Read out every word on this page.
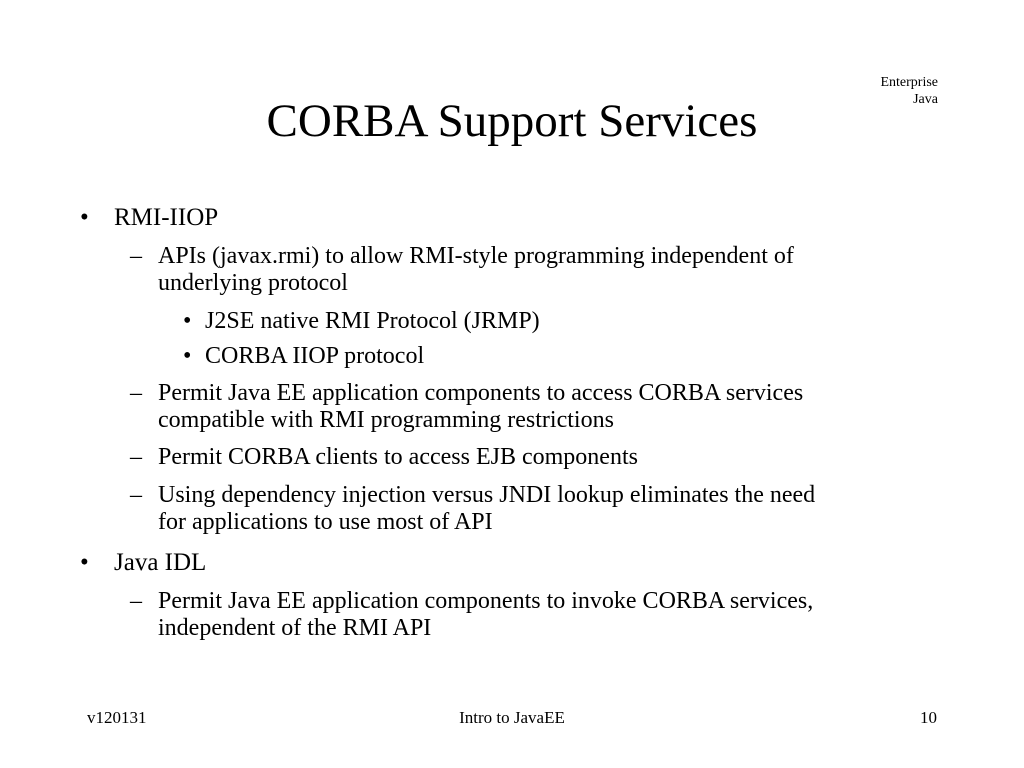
Enterprise
Java
CORBA Support Services
• RMI-IIOP
– APIs (javax.rmi) to allow RMI-style programming independent of
underlying protocol
• J2SE native RMI Protocol (JRMP)
• CORBA IIOP protocol
– Permit Java EE application components to access CORBA services
compatible with RMI programming restrictions
– Permit CORBA clients to access EJB components
– Using dependency injection versus JNDI lookup eliminates the need
for applications to use most of API
• Java IDL
– Permit Java EE application components to invoke CORBA services,
independent of the RMI API
v120131	Intro to JavaEE	10
